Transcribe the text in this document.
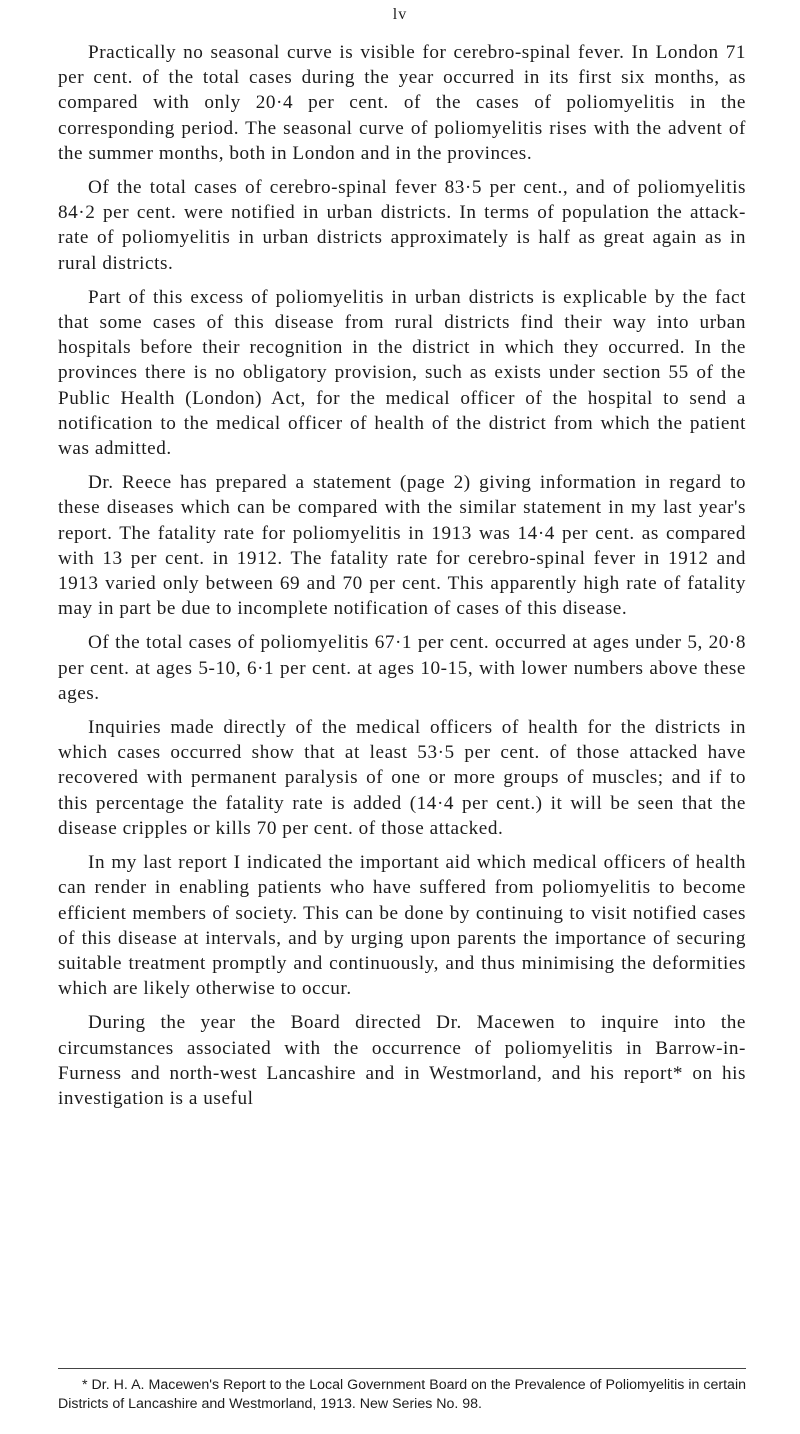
lv

Practically no seasonal curve is visible for cerebro-spinal fever. In London 71 per cent. of the total cases during the year occurred in its first six months, as compared with only 20·4 per cent. of the cases of poliomyelitis in the corresponding period. The seasonal curve of poliomyelitis rises with the advent of the summer months, both in London and in the provinces.

Of the total cases of cerebro-spinal fever 83·5 per cent., and of poliomyelitis 84·2 per cent. were notified in urban districts. In terms of population the attack-rate of poliomyelitis in urban districts approximately is half as great again as in rural districts.

Part of this excess of poliomyelitis in urban districts is explicable by the fact that some cases of this disease from rural districts find their way into urban hospitals before their recognition in the district in which they occurred. In the provinces there is no obligatory provision, such as exists under section 55 of the Public Health (London) Act, for the medical officer of the hospital to send a notification to the medical officer of health of the district from which the patient was admitted.

Dr. Reece has prepared a statement (page 2) giving information in regard to these diseases which can be compared with the similar statement in my last year's report. The fatality rate for poliomyelitis in 1913 was 14·4 per cent. as compared with 13 per cent. in 1912. The fatality rate for cerebro-spinal fever in 1912 and 1913 varied only between 69 and 70 per cent. This apparently high rate of fatality may in part be due to incomplete notification of cases of this disease.

Of the total cases of poliomyelitis 67·1 per cent. occurred at ages under 5, 20·8 per cent. at ages 5-10, 6·1 per cent. at ages 10-15, with lower numbers above these ages.

Inquiries made directly of the medical officers of health for the districts in which cases occurred show that at least 53·5 per cent. of those attacked have recovered with permanent paralysis of one or more groups of muscles; and if to this percentage the fatality rate is added (14·4 per cent.) it will be seen that the disease cripples or kills 70 per cent. of those attacked.

In my last report I indicated the important aid which medical officers of health can render in enabling patients who have suffered from poliomyelitis to become efficient members of society. This can be done by continuing to visit notified cases of this disease at intervals, and by urging upon parents the importance of securing suitable treatment promptly and continuously, and thus minimising the deformities which are likely otherwise to occur.

During the year the Board directed Dr. Macewen to inquire into the circumstances associated with the occurrence of poliomyelitis in Barrow-in-Furness and north-west Lancashire and in Westmorland, and his report* on his investigation is a useful

* Dr. H. A. Macewen's Report to the Local Government Board on the Prevalence of Poliomyelitis in certain Districts of Lancashire and Westmorland, 1913. New Series No. 98.
